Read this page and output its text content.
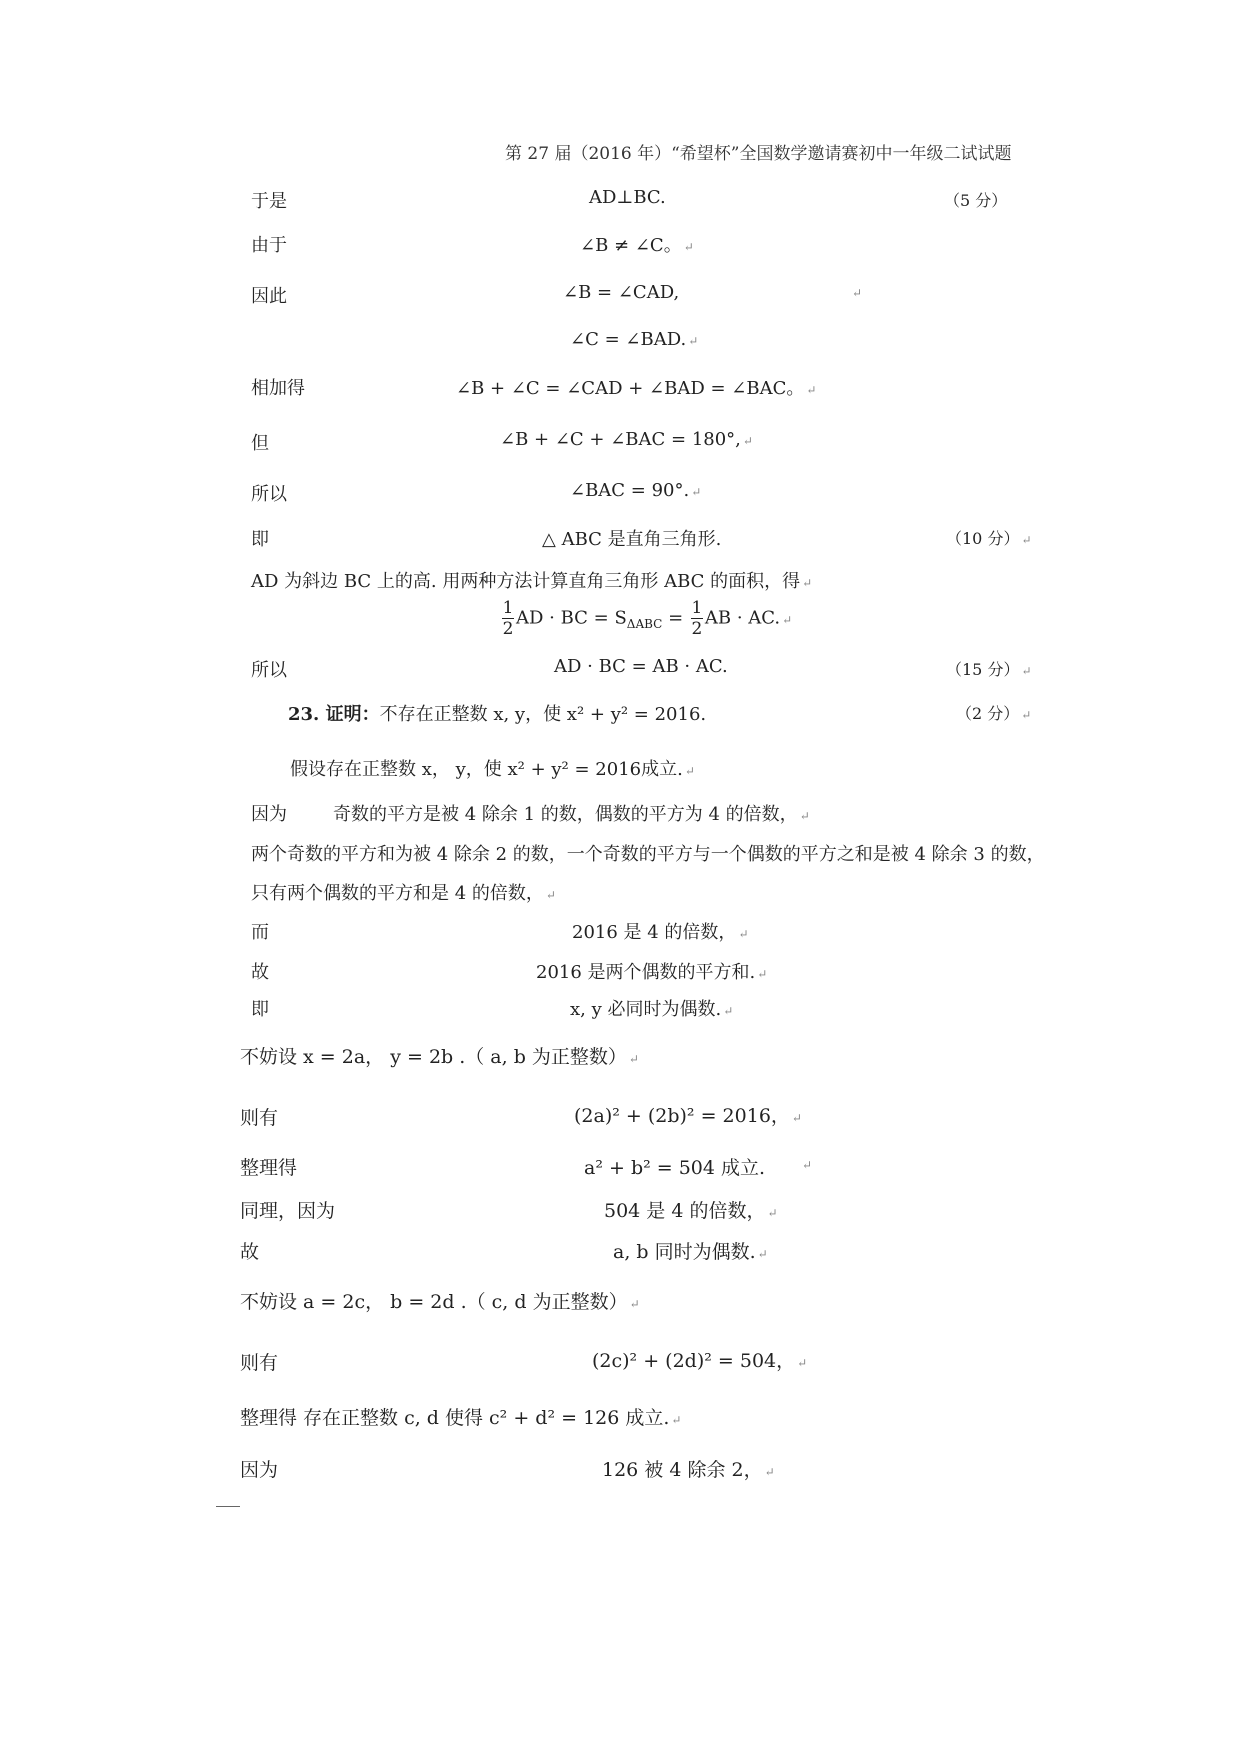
第 27 届（2016 年）“希望杯”全国数学邀请赛初中一年级二试试题
于是	AD⊥BC.	（5 分）
由于	∠B ≠ ∠C。 ↵
因此	∠B = ∠CAD,	↵
∠C = ∠BAD. ↵
相加得	∠B + ∠C = ∠CAD + ∠BAD = ∠BAC。 ↵
但	∠B + ∠C + ∠BAC = 180°, ↵
所以	∠BAC = 90°. ↵
即	△ ABC 是直角三角形.	（10 分） ↵
AD 为斜边 BC 上的高. 用两种方法计算直角三角形 ABC 的面积，得 ↵
$\frac{1}{2}$ AD · BC = $S_{\Delta ABC} = \frac{1}{2}$ AB · AC. ↵
所以	AD · BC = AB · AC.	（15 分） ↵
23. 证明：不存在正整数 x, y，使 x² + y² = 2016.	（2 分） ↵
假设存在正整数 x， y，使 x² + y² = 2016成立. ↵
因为	奇数的平方是被 4 除余 1 的数，偶数的平方为 4 的倍数， ↵
两个奇数的平方和为被 4 除余 2 的数，一个奇数的平方与一个偶数的平方之和是被 4 除余 3 的数，
只有两个偶数的平方和是 4 的倍数， ↵
而	2016 是 4 的倍数， ↵
故	2016 是两个偶数的平方和. ↵
即	x, y 必同时为偶数. ↵
不妨设 x = 2a， y = 2b .（ a, b 为正整数） ↵
则有	(2a)² + (2b)² = 2016， ↵
整理得	a² + b² = 504 成立.	↵
同理，因为	504 是 4 的倍数， ↵
故	a, b 同时为偶数. ↵
不妨设 a = 2c， b = 2d .（ c, d 为正整数） ↵
则有	(2c)² + (2d)² = 504， ↵
整理得 存在正整数 c, d 使得 c² + d² = 126 成立. ↵
因为	126 被 4 除余 2， ↵
